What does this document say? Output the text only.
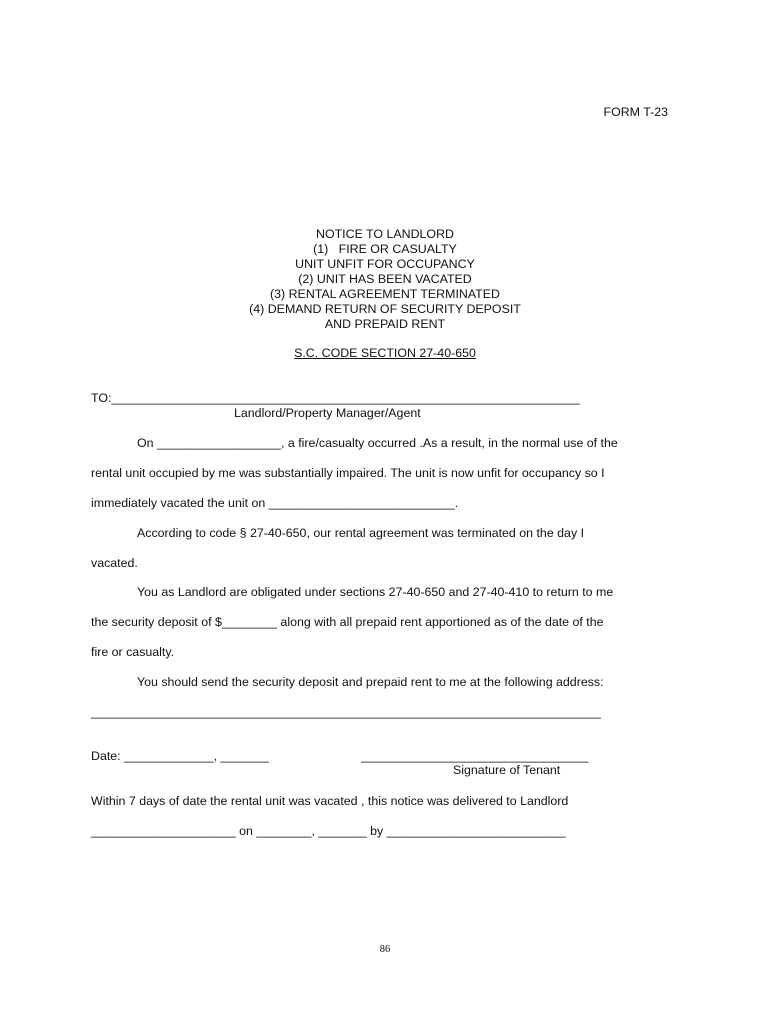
FORM T-23
NOTICE TO LANDLORD
(1)   FIRE OR CASUALTY
UNIT UNFIT FOR OCCUPANCY
(2) UNIT HAS BEEN VACATED
(3) RENTAL AGREEMENT TERMINATED
(4) DEMAND RETURN OF SECURITY DEPOSIT
AND PREPAID RENT
S.C. CODE SECTION 27-40-650
TO:____________________________________________________________________
Landlord/Property Manager/Agent
On __________________, a fire/casualty occurred .As a result, in the normal use of the
rental unit occupied by me was substantially impaired. The unit is now unfit for occupancy so I
immediately vacated the unit on ___________________________.
According to code § 27-40-650, our rental agreement was terminated on the day I
vacated.
You as Landlord are obligated under sections 27-40-650 and 27-40-410 to return to me
the security deposit of $________ along with all prepaid rent apportioned as of the date of the
fire or casualty.
You should send the security deposit and prepaid rent to me at the following address:
__________________________________________________________________________
Date: _____________, _______	_________________________________
Signature of Tenant
Within 7 days of date the rental unit was vacated , this notice was delivered to Landlord
_____________________ on ________, _______ by __________________________
86
